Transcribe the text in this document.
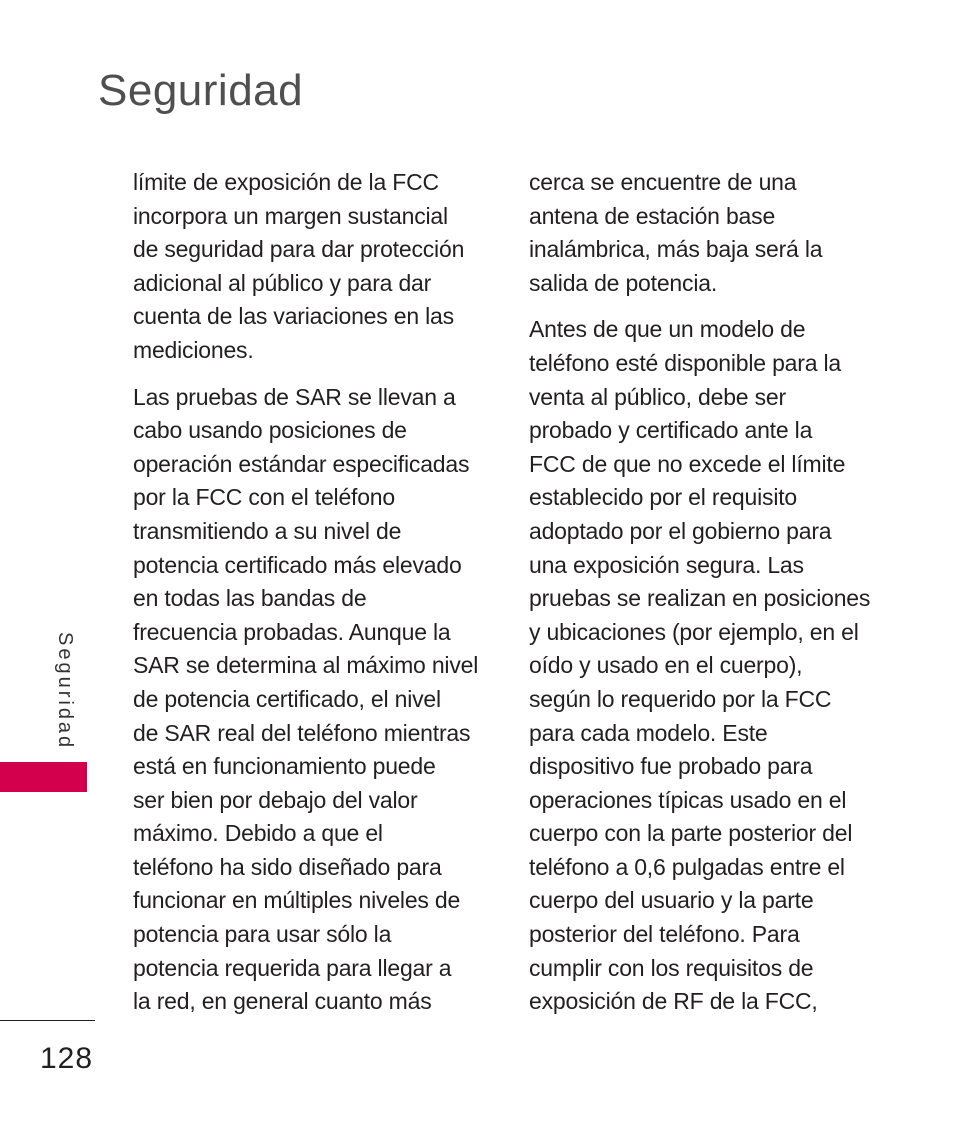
Seguridad

límite de exposición de la FCC
incorpora un margen sustancial
de seguridad para dar protección
adicional al público y para dar
cuenta de las variaciones en las
mediciones.

Las pruebas de SAR se llevan a
cabo usando posiciones de
operación estándar especificadas
por la FCC con el teléfono
transmitiendo a su nivel de
potencia certificado más elevado
en todas las bandas de
frecuencia probadas. Aunque la
SAR se determina al máximo nivel
de potencia certificado, el nivel
de SAR real del teléfono mientras
está en funcionamiento puede
ser bien por debajo del valor
máximo. Debido a que el
teléfono ha sido diseñado para
funcionar en múltiples niveles de
potencia para usar sólo la
potencia requerida para llegar a
la red, en general cuanto más

cerca se encuentre de una
antena de estación base
inalámbrica, más baja será la
salida de potencia.

Antes de que un modelo de
teléfono esté disponible para la
venta al público, debe ser
probado y certificado ante la
FCC de que no excede el límite
establecido por el requisito
adoptado por el gobierno para
una exposición segura. Las
pruebas se realizan en posiciones
y ubicaciones (por ejemplo, en el
oído y usado en el cuerpo),
según lo requerido por la FCC
para cada modelo. Este
dispositivo fue probado para
operaciones típicas usado en el
cuerpo con la parte posterior del
teléfono a 0,6 pulgadas entre el
cuerpo del usuario y la parte
posterior del teléfono. Para
cumplir con los requisitos de
exposición de RF de la FCC,

Seguridad
128
